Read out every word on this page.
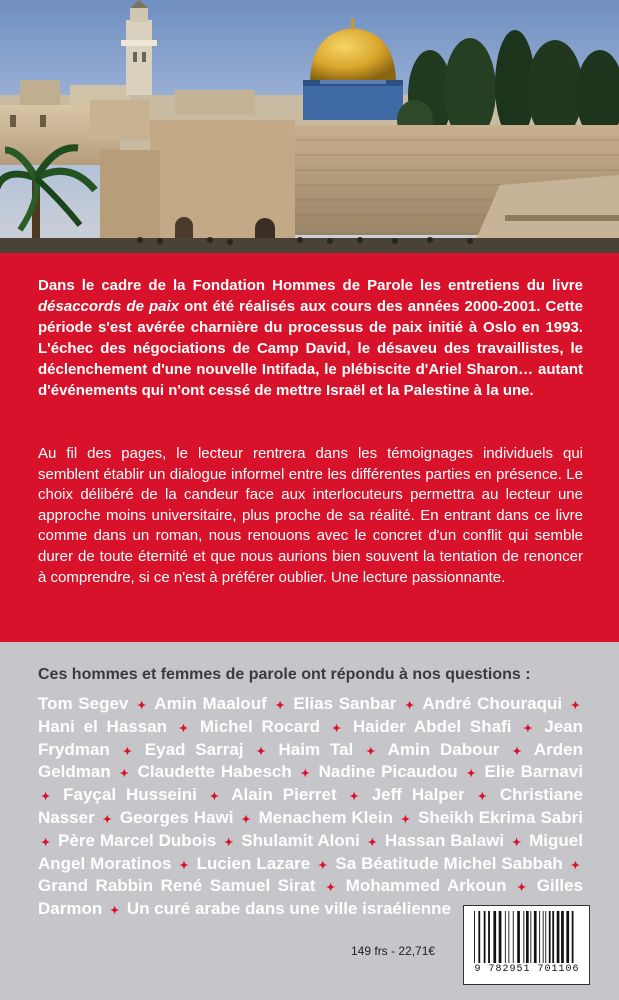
Dans le cadre de la Fondation Hommes de Parole les entretiens du livre désaccords de paix ont été réalisés aux cours des années 2000-2001. Cette période s'est avérée charnière du processus de paix initié à Oslo en 1993. L'échec des négociations de Camp David, le désaveu des travaillistes, le déclenchement d'une nouvelle Intifada, le plébiscite d'Ariel Sharon… autant d'événements qui n'ont cessé de mettre Israël et la Palestine à la une.

Au fil des pages, le lecteur rentrera dans les témoignages individuels qui semblent établir un dialogue informel entre les différentes parties en présence. Le choix délibéré de la candeur face aux interlocuteurs permettra au lecteur une approche moins universitaire, plus proche de sa réalité. En entrant dans ce livre comme dans un roman, nous renouons avec le concret d'un conflit qui semble durer de toute éternité et que nous aurions bien souvent la tentation de renoncer à comprendre, si ce n'est à préférer oublier. Une lecture passionnante.

Ces hommes et femmes de parole ont répondu à nos questions :

Tom Segev ✦ Amin Maalouf ✦ Elias Sanbar ✦ André Chouraqui ✦ Hani el Hassan ✦ Michel Rocard ✦ Haider Abdel Shafi ✦ Jean Frydman ✦ Eyad Sarraj ✦ Haim Tal ✦ Amin Dabour ✦ Arden Geldman ✦ Claudette Habesch ✦ Nadine Picaudou ✦ Elie Barnavi ✦ Fayçal Husseini ✦ Alain Pierret ✦ Jeff Halper ✦ Christiane Nasser ✦ Georges Hawi ✦ Menachem Klein ✦ Sheikh Ekrima Sabri ✦ Père Marcel Dubois ✦ Shulamit Aloni ✦ Hassan Balawi ✦ Miguel Angel Moratinos ✦ Lucien Lazare ✦ Sa Béatitude Michel Sabbah ✦ Grand Rabbin René Samuel Sirat ✦ Mohammed Arkoun ✦ Gilles Darmon ✦ Un curé arabe dans une ville israélienne

149 frs - 22,71€
9 782951 701106
